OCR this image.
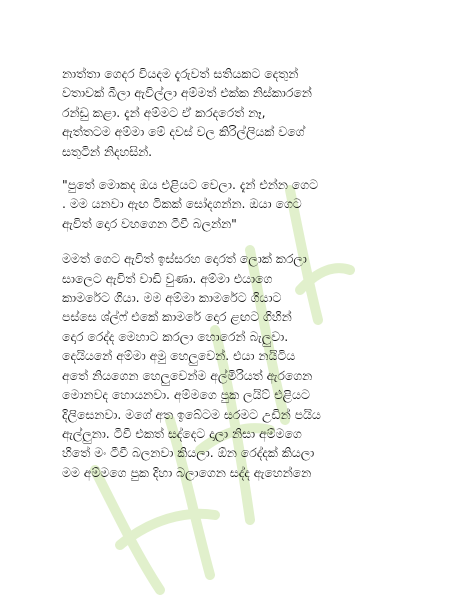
නාත්තා ගෙදර වියදම දැරුවත් සතියකට දෙතුන්
වතාවක් බීලා ඇවිල්ලා අම්මත් එක්ක නිස්කාරනේ
රන්ඩු කළා. දැන් අම්මට ඒ කරදරෙත් නෑ,
ඇත්තටම අම්මා මේ දවස් වල කිරිල්ලියක් වගේ
සතුටින් නිදහසින්.

"පුතේ මොකද ඔය එළියට වෙලා. දැන් එන්න ගෙට
. මම යනවා ඇඟ ටිකක් සෝදගන්න. ඔයා ගෙට
ඇවිත් දොර වහගෙන ටීවී බලන්න"

මමත් ගෙට ඇවිත් ඉස්සරහ දොරත් ලොක් කරලා
සාලෙට ඇවිත් වාඩි වුණා. අම්මා එයාගෙ
කාමරේට ගියා. මම අම්මා කාමරේට ගියාට
පස්සෙ ශ්ල්ෆ් එකේ කාමරේ දොර ළඟට ගිහින්
දොර රෙද්ද මෙහාට කරලා හොරෙන් බැලුවා.
දෙයියනේ අම්මා අමු හෙලුවෙන්. එයා නයිටිය
අතේ නියගෙන හෙලුවෙන්ම අල්මිරියත් ඇරගෙන
මොනවද හොයනවා. අම්මගෙ පුක ලයිට් එළියට
දිලිසෙනවා. මගේ අත ඉබේටම සරමට උඩින් පයිය
ඇල්ලුනා. ටීවී එකත් සද්දෙට දාලා නිසා අම්මගෙ
හිතේ මං ටීවී බලනවා කියලා. ඕන රෙද්දක් කියලා
මම අම්මගෙ පුක දිහා බලාගෙන සද්ද ඇහෙන්නෙ
